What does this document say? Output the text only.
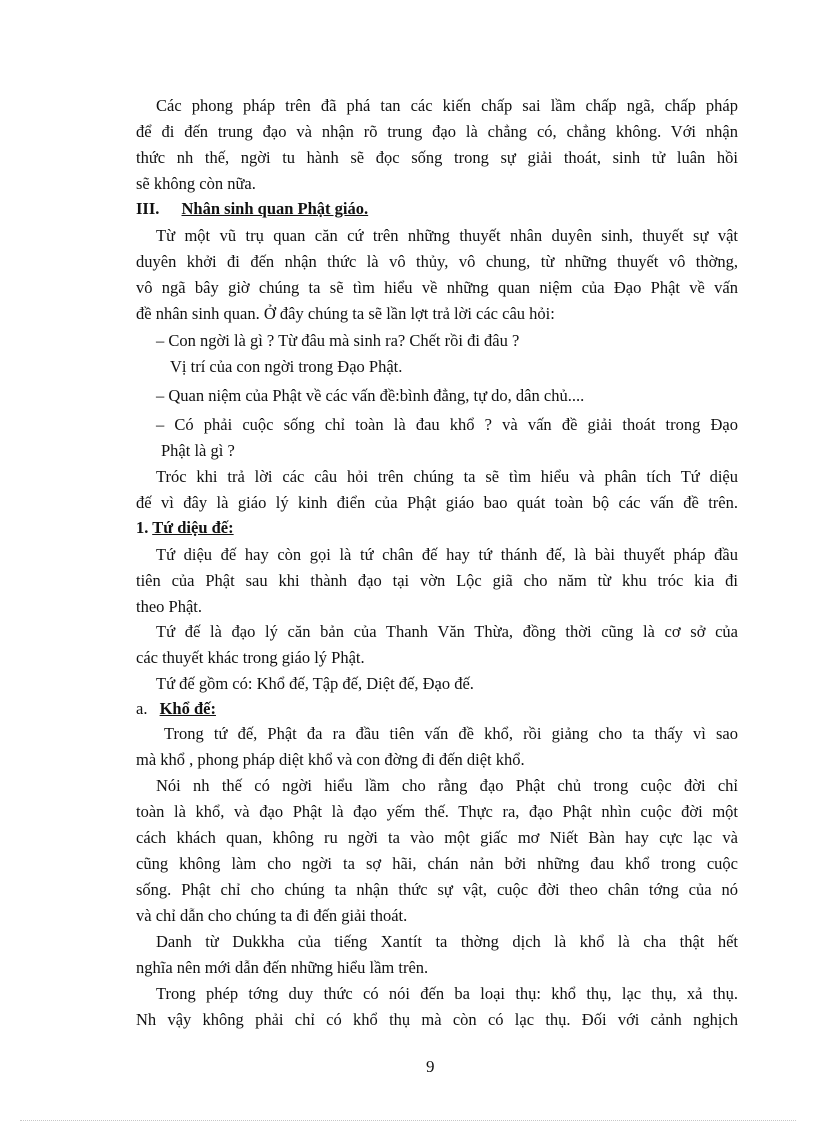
Các phong pháp trên đã phá tan các kiến chấp sai lầm chấp ngã, chấp pháp
để đi đến trung đạo và nhận rõ trung đạo là chẳng có, chẳng không. Với nhận
thức nh thế, ngời tu hành sẽ đọc sống trong sự giải thoát, sinh tử luân hồi
sẽ không còn nữa.
III. Nhân sinh quan Phật giáo.
Từ một vũ trụ quan căn cứ trên những thuyết nhân duyên sinh, thuyết sự vật
duyên khởi đi đến nhận thức là vô thủy, vô chung, từ những thuyết vô thờng,
vô ngã bây giờ chúng ta sẽ tìm hiểu về những quan niệm của Đạo Phật về vấn
đề nhân sinh quan. Ở đây chúng ta sẽ lần lợt trả lời các câu hỏi:
– Con ngời là gì ? Từ đâu mà sinh ra? Chết rồi đi đâu ?
Vị trí của con ngời trong Đạo Phật.
– Quan niệm của Phật về các vấn đề:bình đẳng, tự do, dân chủ....
– Có phải cuộc sống chỉ toàn là đau khổ ? và vấn đề giải thoát trong Đạo
Phật là gì ?
Tróc khi trả lời các câu hỏi trên chúng ta sẽ tìm hiểu và phân tích Tứ diệu
đế vì đây là giáo lý kinh điển của Phật giáo bao quát toàn bộ các vấn đề trên.
1. Tứ diệu đế:
Tứ diệu đế hay còn gọi là tứ chân đế hay tứ thánh đế, là bài thuyết pháp đầu
tiên của Phật sau khi thành đạo tại vờn Lộc giã cho năm từ khu tróc kia đi
theo Phật.
Tứ đế là đạo lý căn bản của Thanh Văn Thừa, đồng thời cũng là cơ sở của
các thuyết khác trong giáo lý Phật.
Tứ đế gồm có: Khổ đế, Tập đế, Diệt đế, Đạo đế.
a. Khổ đế:
Trong tứ đế, Phật đa ra đầu tiên vấn đề khổ, rồi giảng cho ta thấy vì sao
mà khổ , phong pháp diệt khổ và con đờng đi đến diệt khổ.
Nói nh thế có ngời hiểu lầm cho rằng đạo Phật chủ trong cuộc đời chỉ
toàn là khổ, và đạo Phật là đạo yếm thế. Thực ra, đạo Phật nhìn cuộc đời một
cách khách quan, không ru ngời ta vào một giấc mơ Niết Bàn hay cực lạc và
cũng không làm cho ngời ta sợ hãi, chán nản bởi những đau khổ trong cuộc
sống. Phật chỉ cho chúng ta nhận thức sự vật, cuộc đời theo chân tớng của nó
và chỉ dẫn cho chúng ta đi đến giải thoát.
Danh từ Dukkha của tiếng Xantít ta thờng dịch là khổ là cha thật hết
nghĩa nên mới dẫn đến những hiểu lầm trên.
Trong phép tớng duy thức có nói đến ba loại thụ: khổ thụ, lạc thụ, xả thụ.
Nh vậy không phải chỉ có khổ thụ mà còn có lạc thụ. Đối với cảnh nghịch
9
